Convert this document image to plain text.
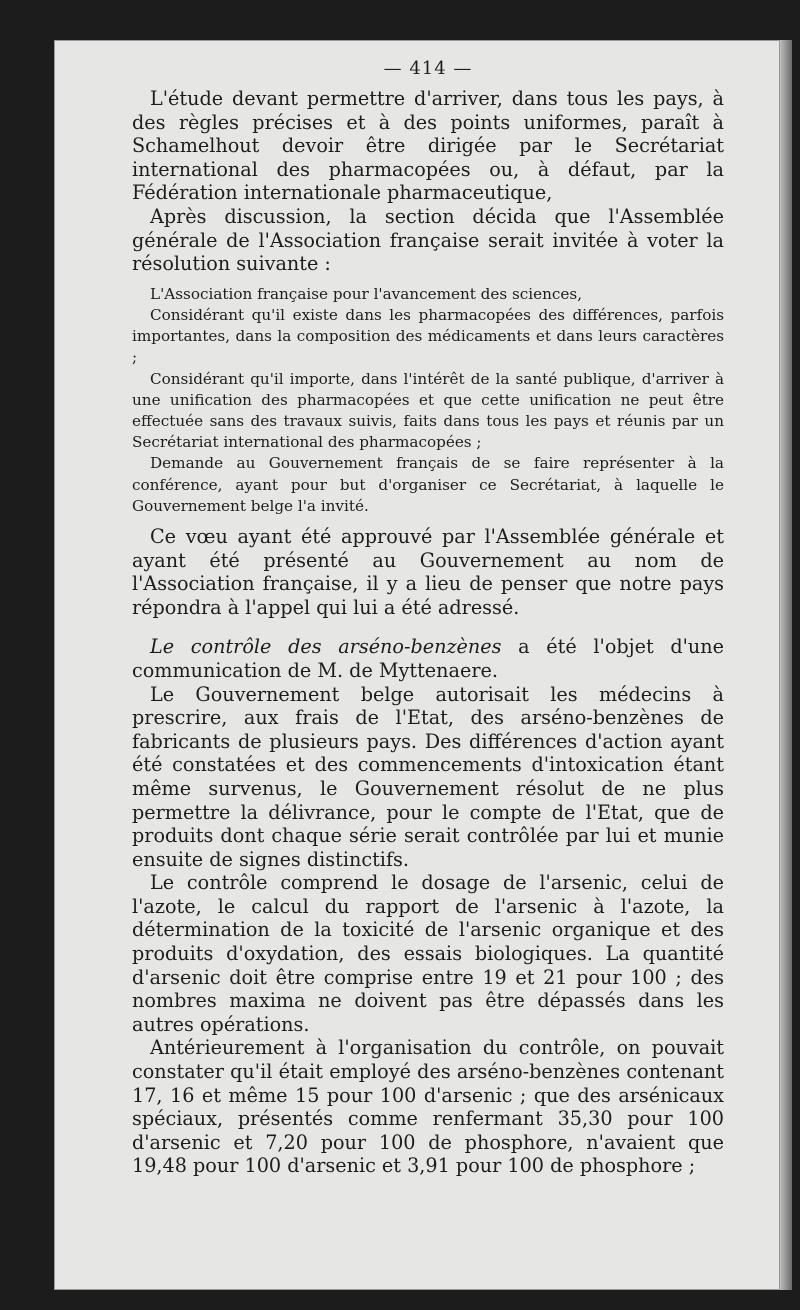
— 414 —

L'étude devant permettre d'arriver, dans tous les pays, à des règles précises et à des points uniformes, paraît à Schamelhout devoir être dirigée par le Secrétariat international des pharmacopées ou, à défaut, par la Fédération internationale pharmaceutique,

Après discussion, la section décida que l'Assemblée générale de l'Association française serait invitée à voter la résolution suivante :

L'Association française pour l'avancement des sciences,

Considérant qu'il existe dans les pharmacopées des différences, parfois importantes, dans la composition des médicaments et dans leurs caractères ;

Considérant qu'il importe, dans l'intérêt de la santé publique, d'arriver à une unification des pharmacopées et que cette unification ne peut être effectuée sans des travaux suivis, faits dans tous les pays et réunis par un Secrétariat international des pharmacopées ;

Demande au Gouvernement français de se faire représenter à la conférence, ayant pour but d'organiser ce Secrétariat, à laquelle le Gouvernement belge l'a invité.

Ce vœu ayant été approuvé par l'Assemblée générale et ayant été présenté au Gouvernement au nom de l'Association française, il y a lieu de penser que notre pays répondra à l'appel qui lui a été adressé.

Le contrôle des arséno-benzènes a été l'objet d'une communication de M. de Myttenaere.

Le Gouvernement belge autorisait les médecins à prescrire, aux frais de l'Etat, des arséno-benzènes de fabricants de plusieurs pays. Des différences d'action ayant été constatées et des commencements d'intoxication étant même survenus, le Gouvernement résolut de ne plus permettre la délivrance, pour le compte de l'Etat, que de produits dont chaque série serait contrôlée par lui et munie ensuite de signes distinctifs.

Le contrôle comprend le dosage de l'arsenic, celui de l'azote, le calcul du rapport de l'arsenic à l'azote, la détermination de la toxicité de l'arsenic organique et des produits d'oxydation, des essais biologiques. La quantité d'arsenic doit être comprise entre 19 et 21 pour 100 ; des nombres maxima ne doivent pas être dépassés dans les autres opérations.

Antérieurement à l'organisation du contrôle, on pouvait constater qu'il était employé des arséno-benzènes contenant 17, 16 et même 15 pour 100 d'arsenic ; que des arsénicaux spéciaux, présentés comme renfermant 35,30 pour 100 d'arsenic et 7,20 pour 100 de phosphore, n'avaient que 19,48 pour 100 d'arsenic et 3,91 pour 100 de phosphore ;
